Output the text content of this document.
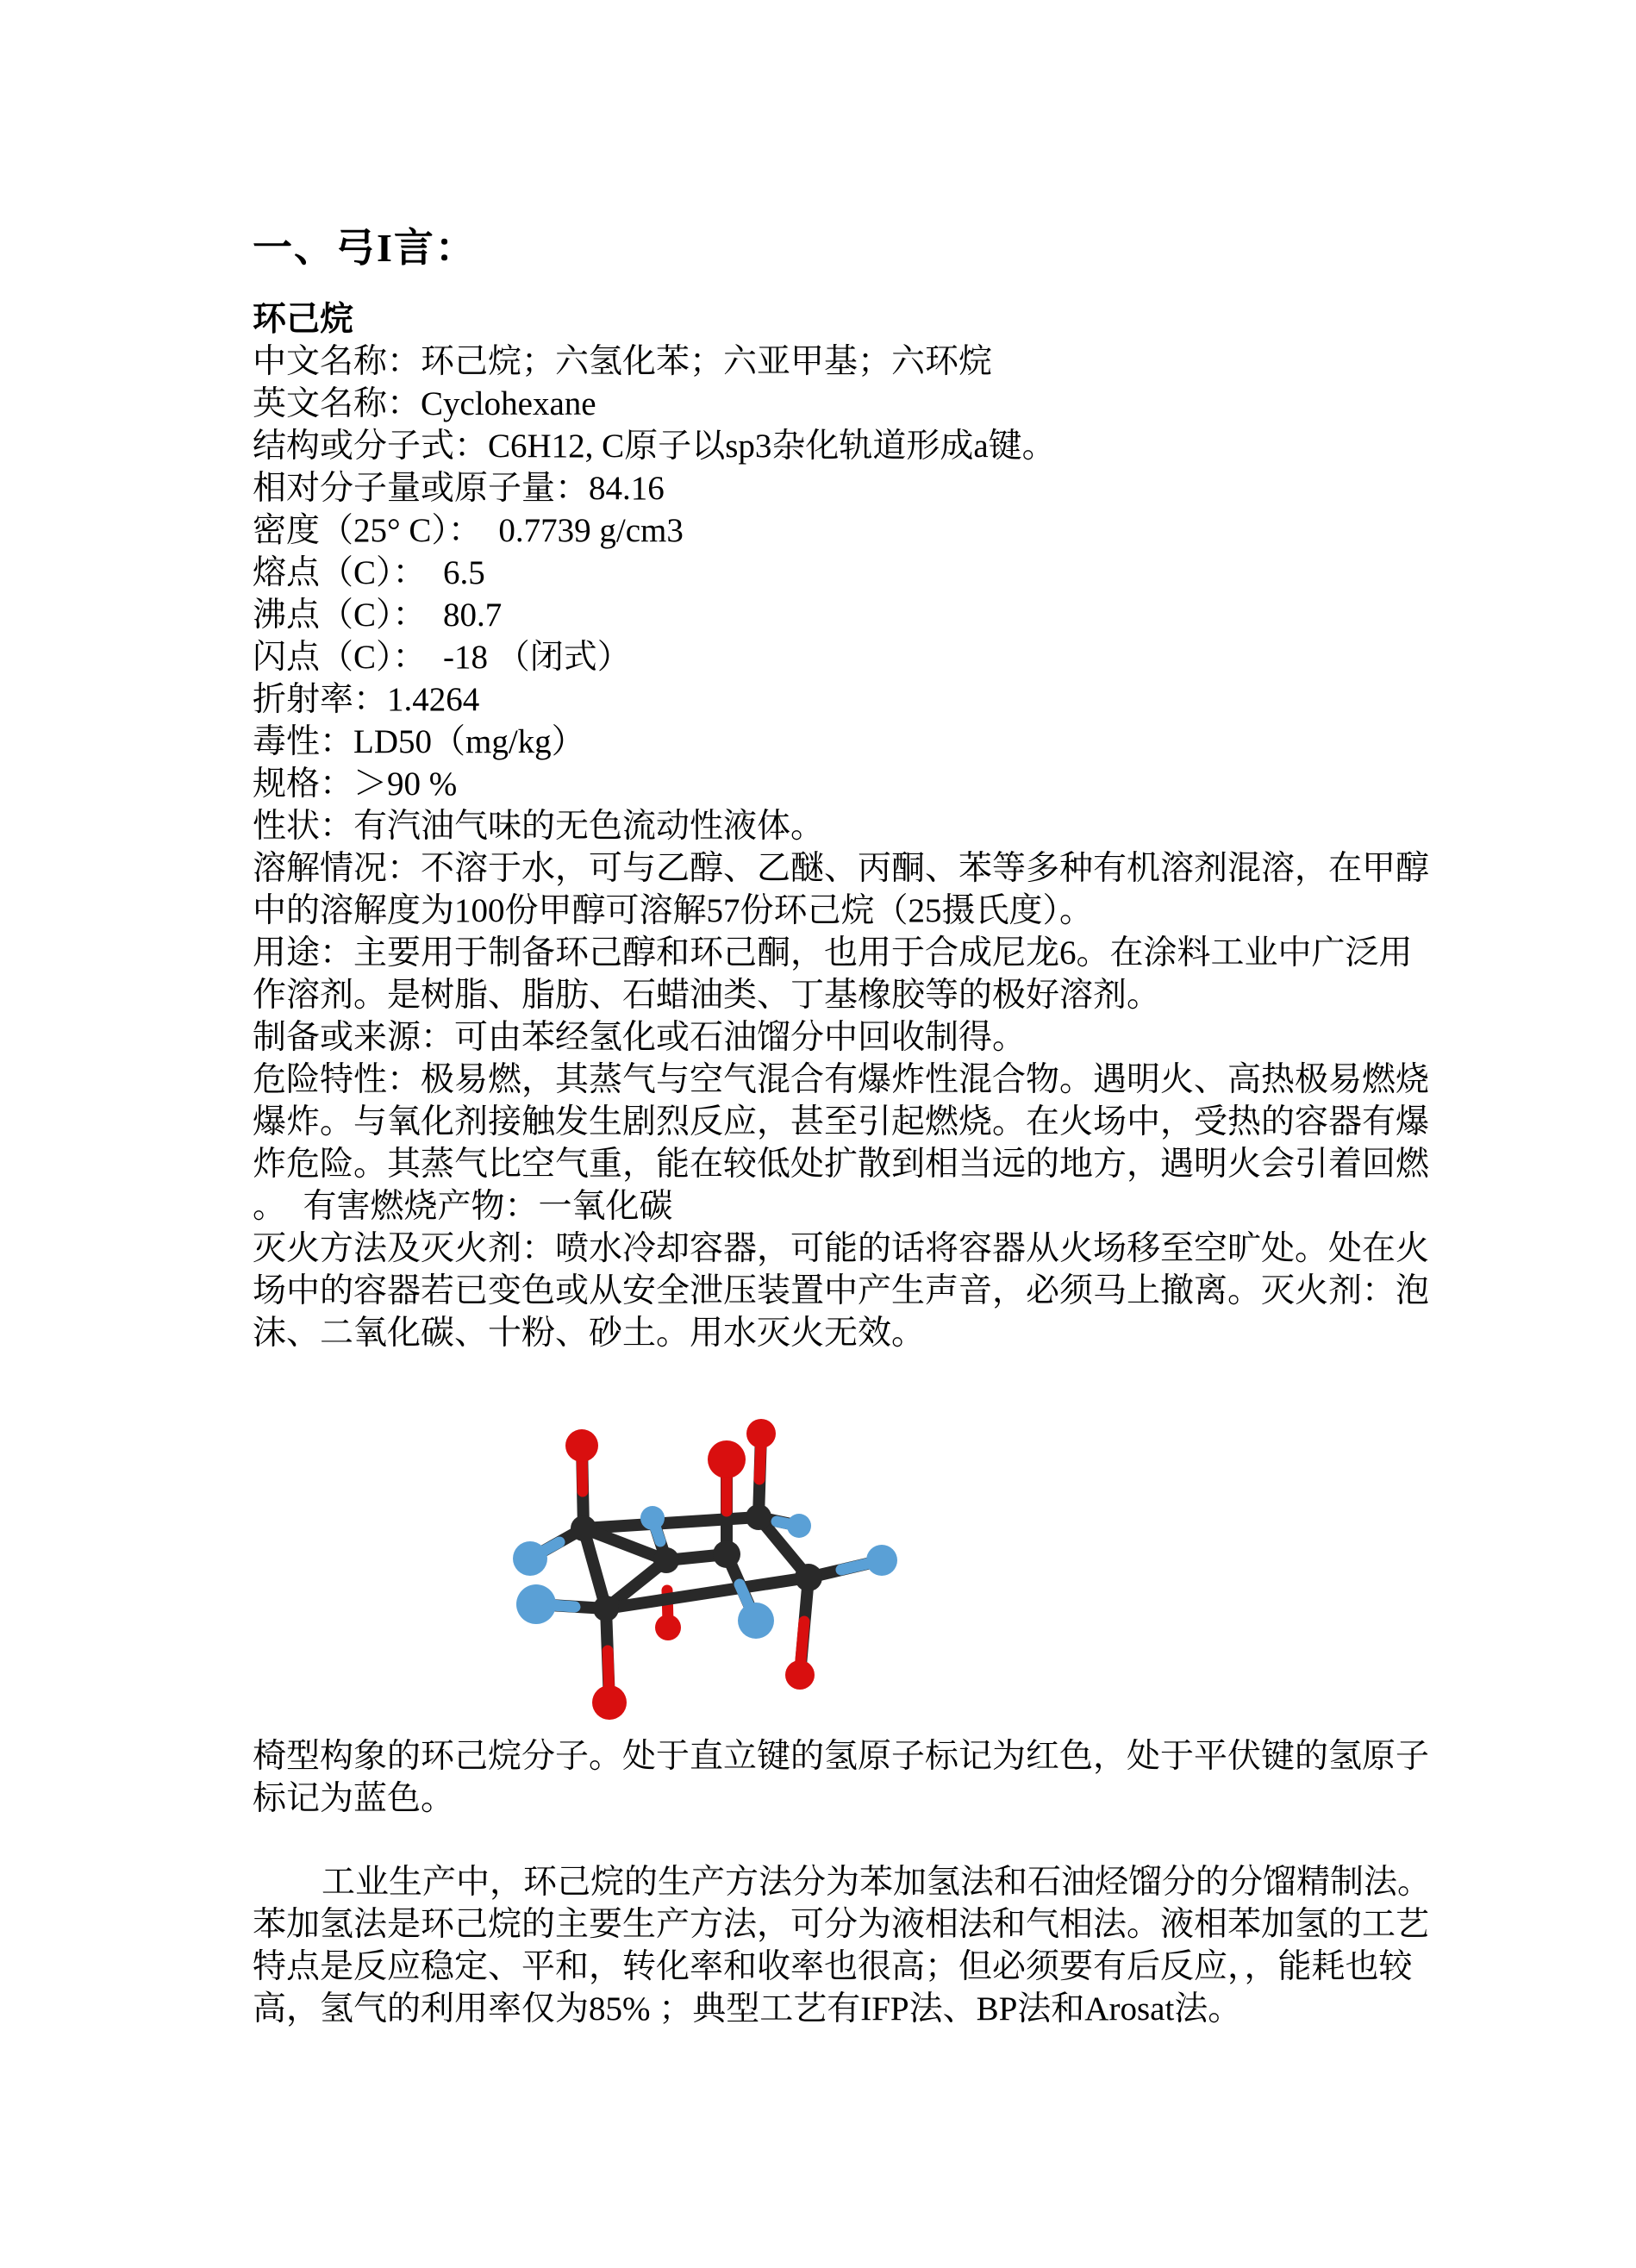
一、弓I言：
环己烷
中文名称：环己烷；六氢化苯；六亚甲基；六环烷
英文名称：Cyclohexane
结构或分子式：C6H12, C原子以sp3杂化轨道形成a键。
相对分子量或原子量：84.16
密度（25° C）：  0.7739 g/cm3
熔点（C）：  6.5
沸点（C）：  80.7
闪点（C）：  -18 （闭式）
折射率：1.4264
毒性：LD50（mg/kg）
规格：＞90 %
性状：有汽油气味的无色流动性液体。
溶解情况：不溶于水，可与乙醇、乙醚、丙酮、苯等多种有机溶剂混溶，在甲醇
中的溶解度为100份甲醇可溶解57份环己烷（25摄氏度）。
用途：主要用于制备环己醇和环己酮，也用于合成尼龙6。在涂料工业中广泛用
作溶剂。是树脂、脂肪、石蜡油类、丁基橡胶等的极好溶剂。
制备或来源：可由苯经氢化或石油馏分中回收制得。
危险特性：极易燃，其蒸气与空气混合有爆炸性混合物。遇明火、高热极易燃烧
爆炸。与氧化剂接触发生剧烈反应，甚至引起燃烧。在火场中，受热的容器有爆
炸危险。其蒸气比空气重，能在较低处扩散到相当远的地方，遇明火会引着回燃
。　有害燃烧产物：一氧化碳
灭火方法及灭火剂：喷水冷却容器，可能的话将容器从火场移至空旷处。处在火
场中的容器若已变色或从安全泄压装置中产生声音，必须马上撤离。灭火剂：泡
沫、二氧化碳、十粉、砂土。用水灭火无效。
椅型构象的环己烷分子。处于直立键的氢原子标记为红色，处于平伏键的氢原子
标记为蓝色。
工业生产中，环己烷的生产方法分为苯加氢法和石油烃馏分的分馏精制法。
苯加氢法是环己烷的主要生产方法，可分为液相法和气相法。液相苯加氢的工艺
特点是反应稳定、平和，转化率和收率也很高；但必须要有后反应，，能耗也较
高，氢气的利用率仅为85% ；典型工艺有IFP法、BP法和Arosat法。
